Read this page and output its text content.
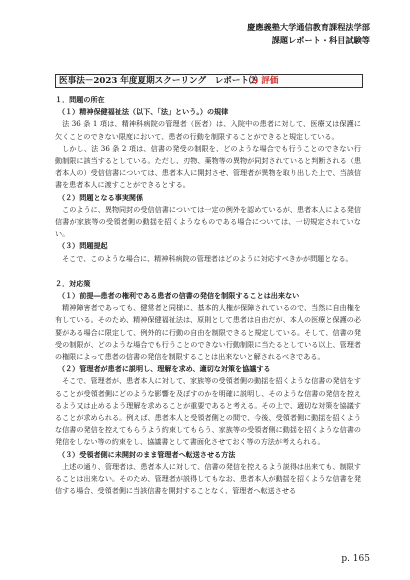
慶應義塾大学通信教育課程法学部
課題レポート・科目試験等
医事法－2023 年度夏期スクーリング　レポート⑵
S 評価

１．問題の所在

（１）精神保健福祉法（以下、「法」という。）の規律

法 36 条 1 項は、精神科病院の管理者（医者）は、入院中の患者に対して、医療又は保護に欠くことのできない限度において、患者の行動を制限することができると規定している。

しかし、法 36 条 2 項は、信書の発受の制限を、どのような場合でも行うことのできない行動制限に該当するとしている。ただし、刃物、薬物等の異物が同封されていると判断される（患者本人の）受信信書については、患者本人に開封させ、管理者が異物を取り出した上で、当該信書を患者本人に渡すことができるとする。

（２）問題となる事実関係

このように、異物同封の受信信書については一定の例外を認めているが、患者本人による発信信書が家族等の受領者側の動揺を招くようなものである場合については、一切規定されていない。

（３）問題提起

そこで、このような場合に、精神科病院の管理者はどのように対応すべきかが問題となる。

２．対応策

（１）前提―患者の権利である患者の信書の発信を制限することは出来ない

精神障害者であっても、健常者と同様に、基本的人権が保障されているので、当然に自由権を有している。そのため、精神保健福祉法は、原則として患者は自由だが、本人の医療と保護の必要がある場合に限定して、例外的に行動の自由を制限できると規定している。そして、信書の発受の制限が、どのような場合でも行うことのできない行動制限に当たるとしている以上、管理者の権限によって患者の信書の発信を制限することは出来ないと解されるべきである。

（２）管理者が患者に説明し、理解を求め、適切な対策を協議する

そこで、管理者が、患者本人に対して、家族等の受領者側の動揺を招くような信書の発信をすることが受領者側にどのような影響を及ぼすのかを明確に説明し、そのような信書の発信を控えるよう又は止めるよう理解を求めることが重要であると考える。その上で、適切な対策を協議することが求められる。例えば、患者本人と受領者側との間で、今後、受領者側に動揺を招くような信書の発信を控えてもらうよう約束してもらう、家族等の受領者側に動揺を招くような信書の発信をしない等の約束をし、協議書として書面化させておく等の方法が考えられる。

（３）受領者側に未開封のまま管理者へ転送させる方法

上述の通り、管理者は、患者本人に対して、信書の発信を控えるよう説得は出来ても、制限することは出来ない。そのため、管理者が説得してもなお、患者本人が動揺を招くような信書を発信する場合、受領者側に当該信書を開封することなく、管理者へ転送させる

p. 165
